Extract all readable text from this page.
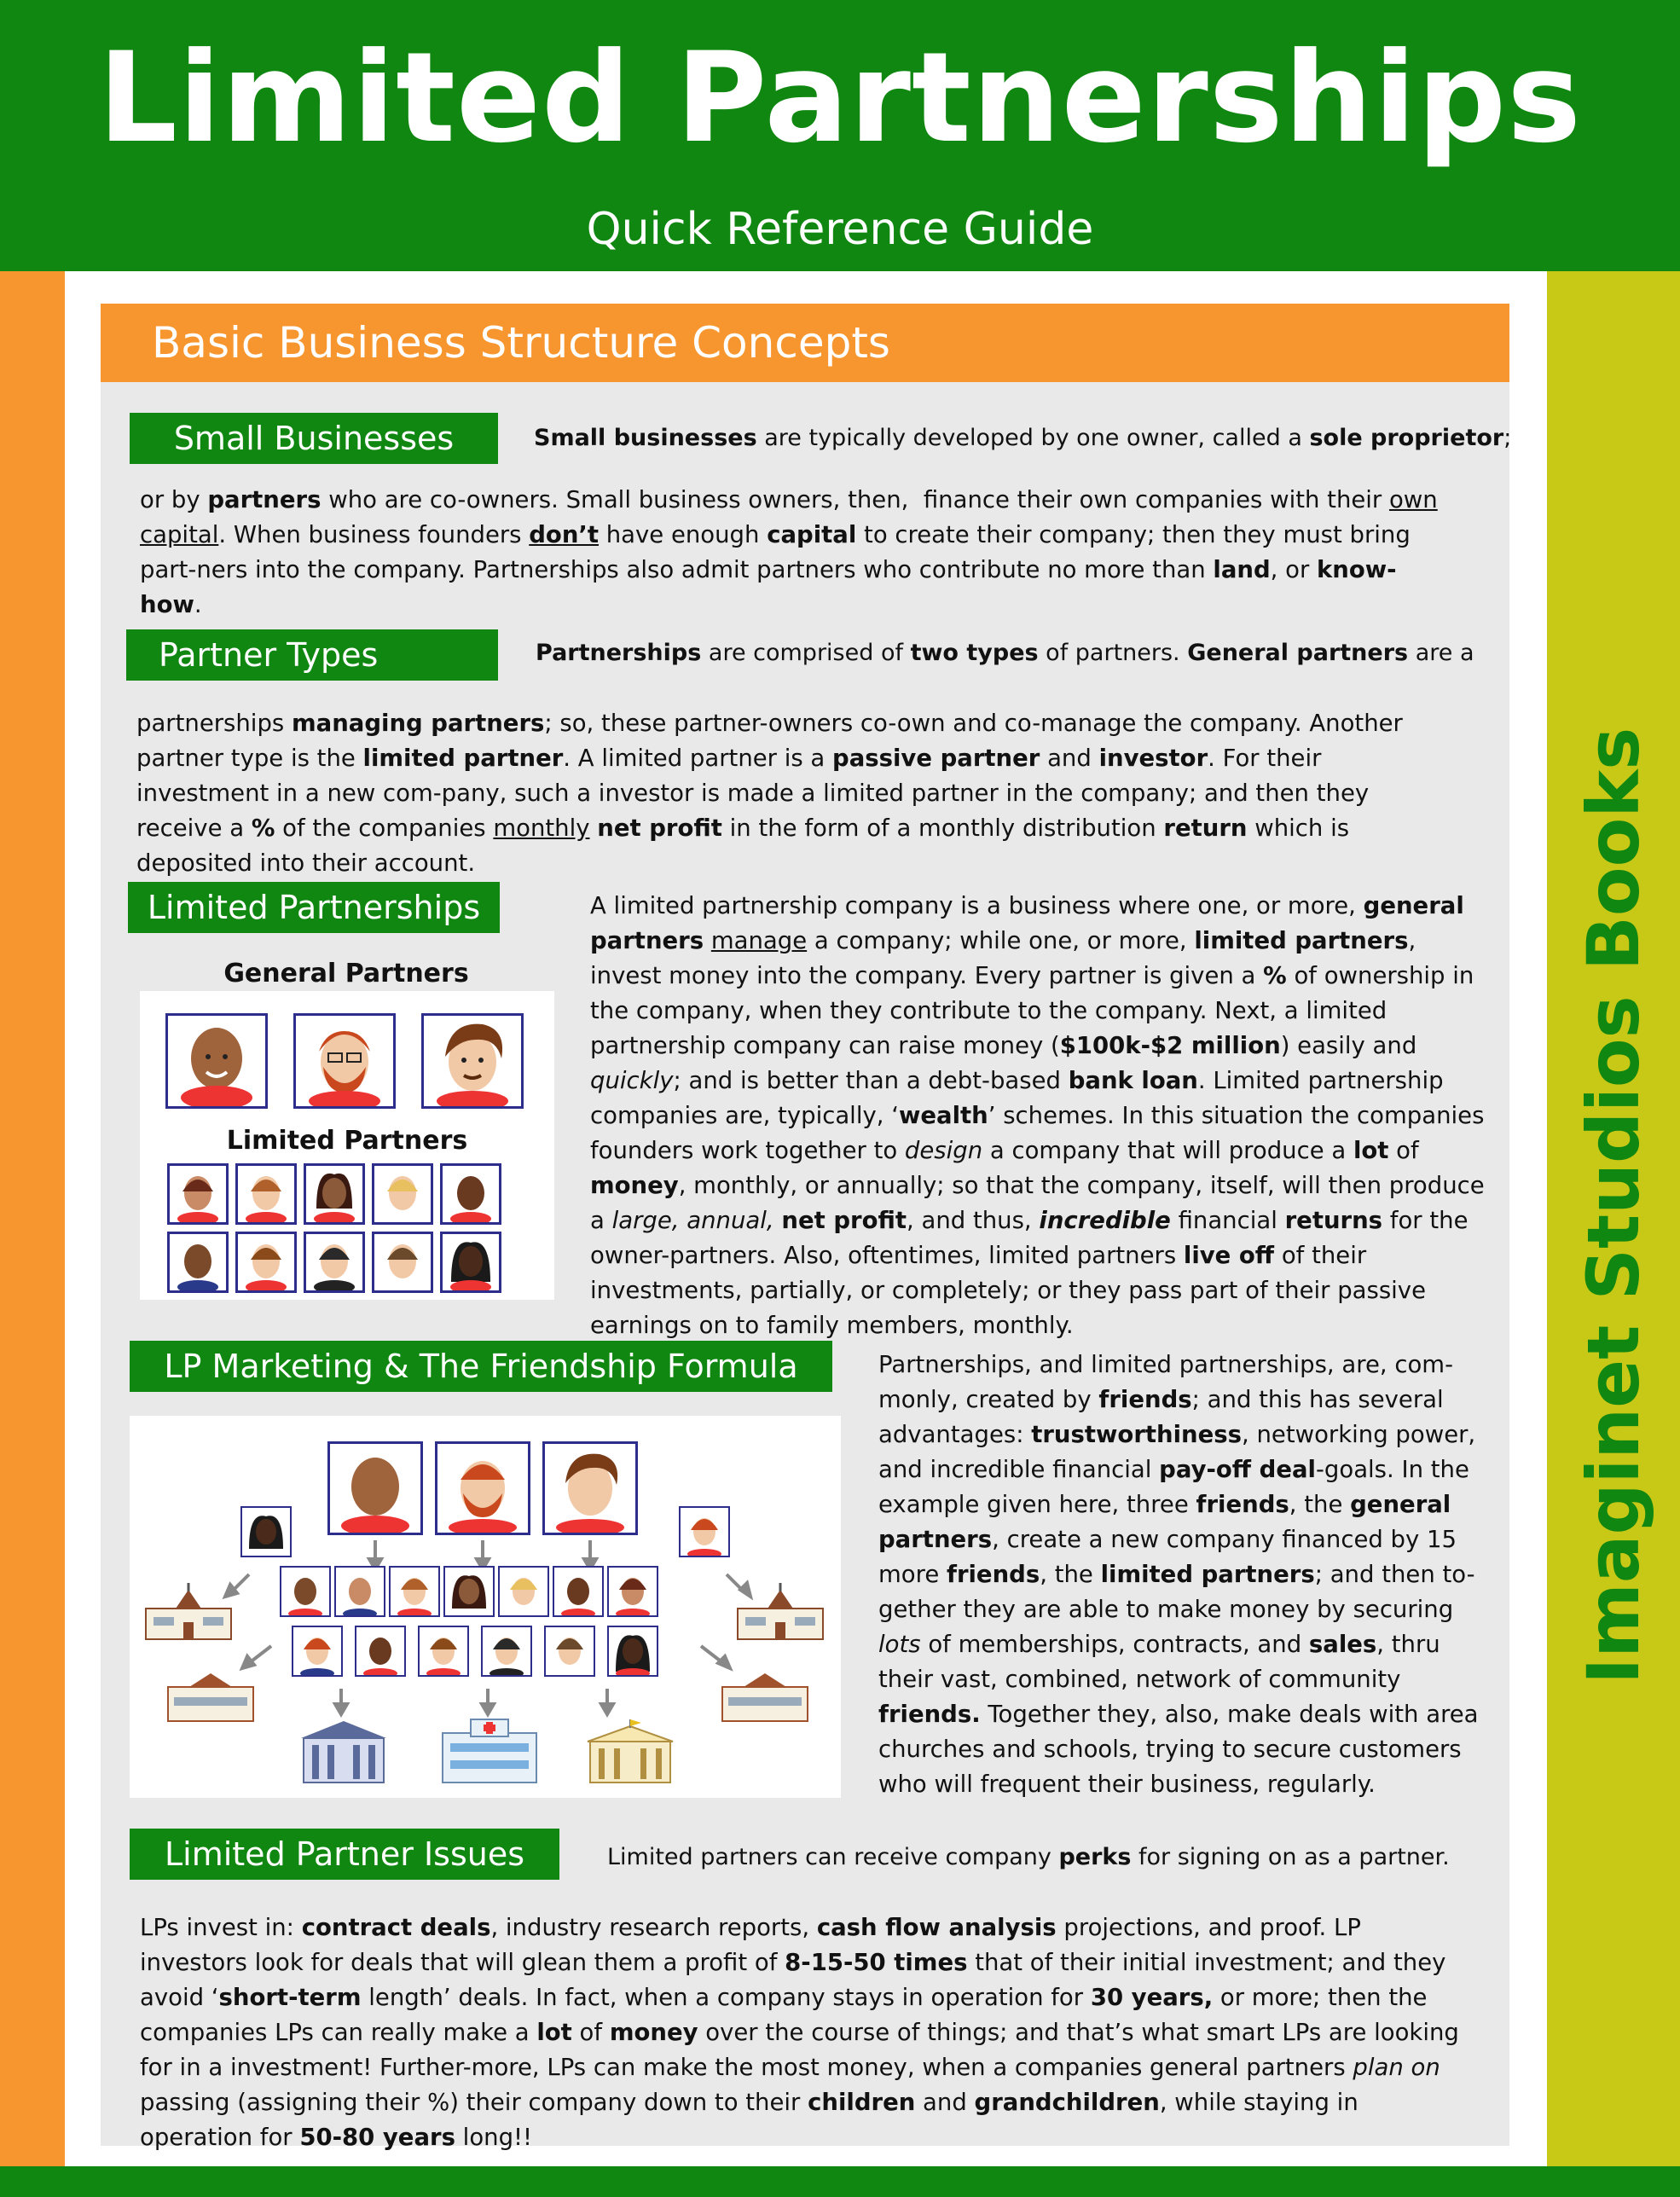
Limited Partnerships
Quick Reference Guide
Imaginet Studios Books
Basic Business Structure Concepts
Small Businesses	Small businesses are typically developed by one owner, called a sole proprietor;

or by partners who are co-owners. Small business owners, then,  finance their own companies with their own capital. When business founders don’t have enough capital to create their company; then they must bring part-ners into the company. Partnerships also admit partners who contribute no more than land, or know-how.

Partner Types	Partnerships are comprised of two types of partners. General partners are a

partnerships managing partners; so, these partner-owners co-own and co-manage the company. Another partner type is the limited partner. A limited partner is a passive partner and investor. For their investment in a new com-pany, such a investor is made a limited partner in the company; and then they receive a % of the companies monthly net profit in the form of a monthly distribution return which is deposited into their account.

Limited Partnerships
General Partners
Limited Partners

A limited partnership company is a business where one, or more, general partners manage a company; while one, or more, limited partners, invest money into the company. Every partner is given a % of ownership in the company, when they contribute to the company. Next, a limited partnership company can raise money ($100k-$2 million) easily and quickly; and is better than a debt-based bank loan. Limited partnership companies are, typically, ‘wealth’ schemes. In this situation the companies founders work together to design a company that will produce a lot of money, monthly, or annually; so that the company, itself, will then produce a large, annual, net profit, and thus, incredible financial returns for the owner-partners. Also, oftentimes, limited partners live off of their investments, partially, or completely; or they pass part of their passive earnings on to family members, monthly.

LP Marketing & The Friendship Formula	Partnerships, and limited partnerships, are, com-monly, created by friends; and this has several advantages: trustworthiness, networking power, and incredible financial pay-off deal-goals. In the example given here, three friends, the general partners, create a new company financed by 15 more friends, the limited partners; and then to-gether they are able to make money by securing lots of memberships, contracts, and sales, thru their vast, combined, network of community friends. Together they, also, make deals with area churches and schools, trying to secure customers who will frequent their business, regularly.

Limited Partner Issues	Limited partners can receive company perks for signing on as a partner.

LPs invest in: contract deals, industry research reports, cash flow analysis projections, and proof. LP investors look for deals that will glean them a profit of 8-15-50 times that of their initial investment; and they avoid ‘short-term length’ deals. In fact, when a company stays in operation for 30 years, or more; then the companies LPs can really make a lot of money over the course of things; and that’s what smart LPs are looking for in a investment! Further-more, LPs can make the most money, when a companies general partners plan on passing (assigning their %) their company down to their children and grandchildren, while staying in operation for 50-80 years long!!
